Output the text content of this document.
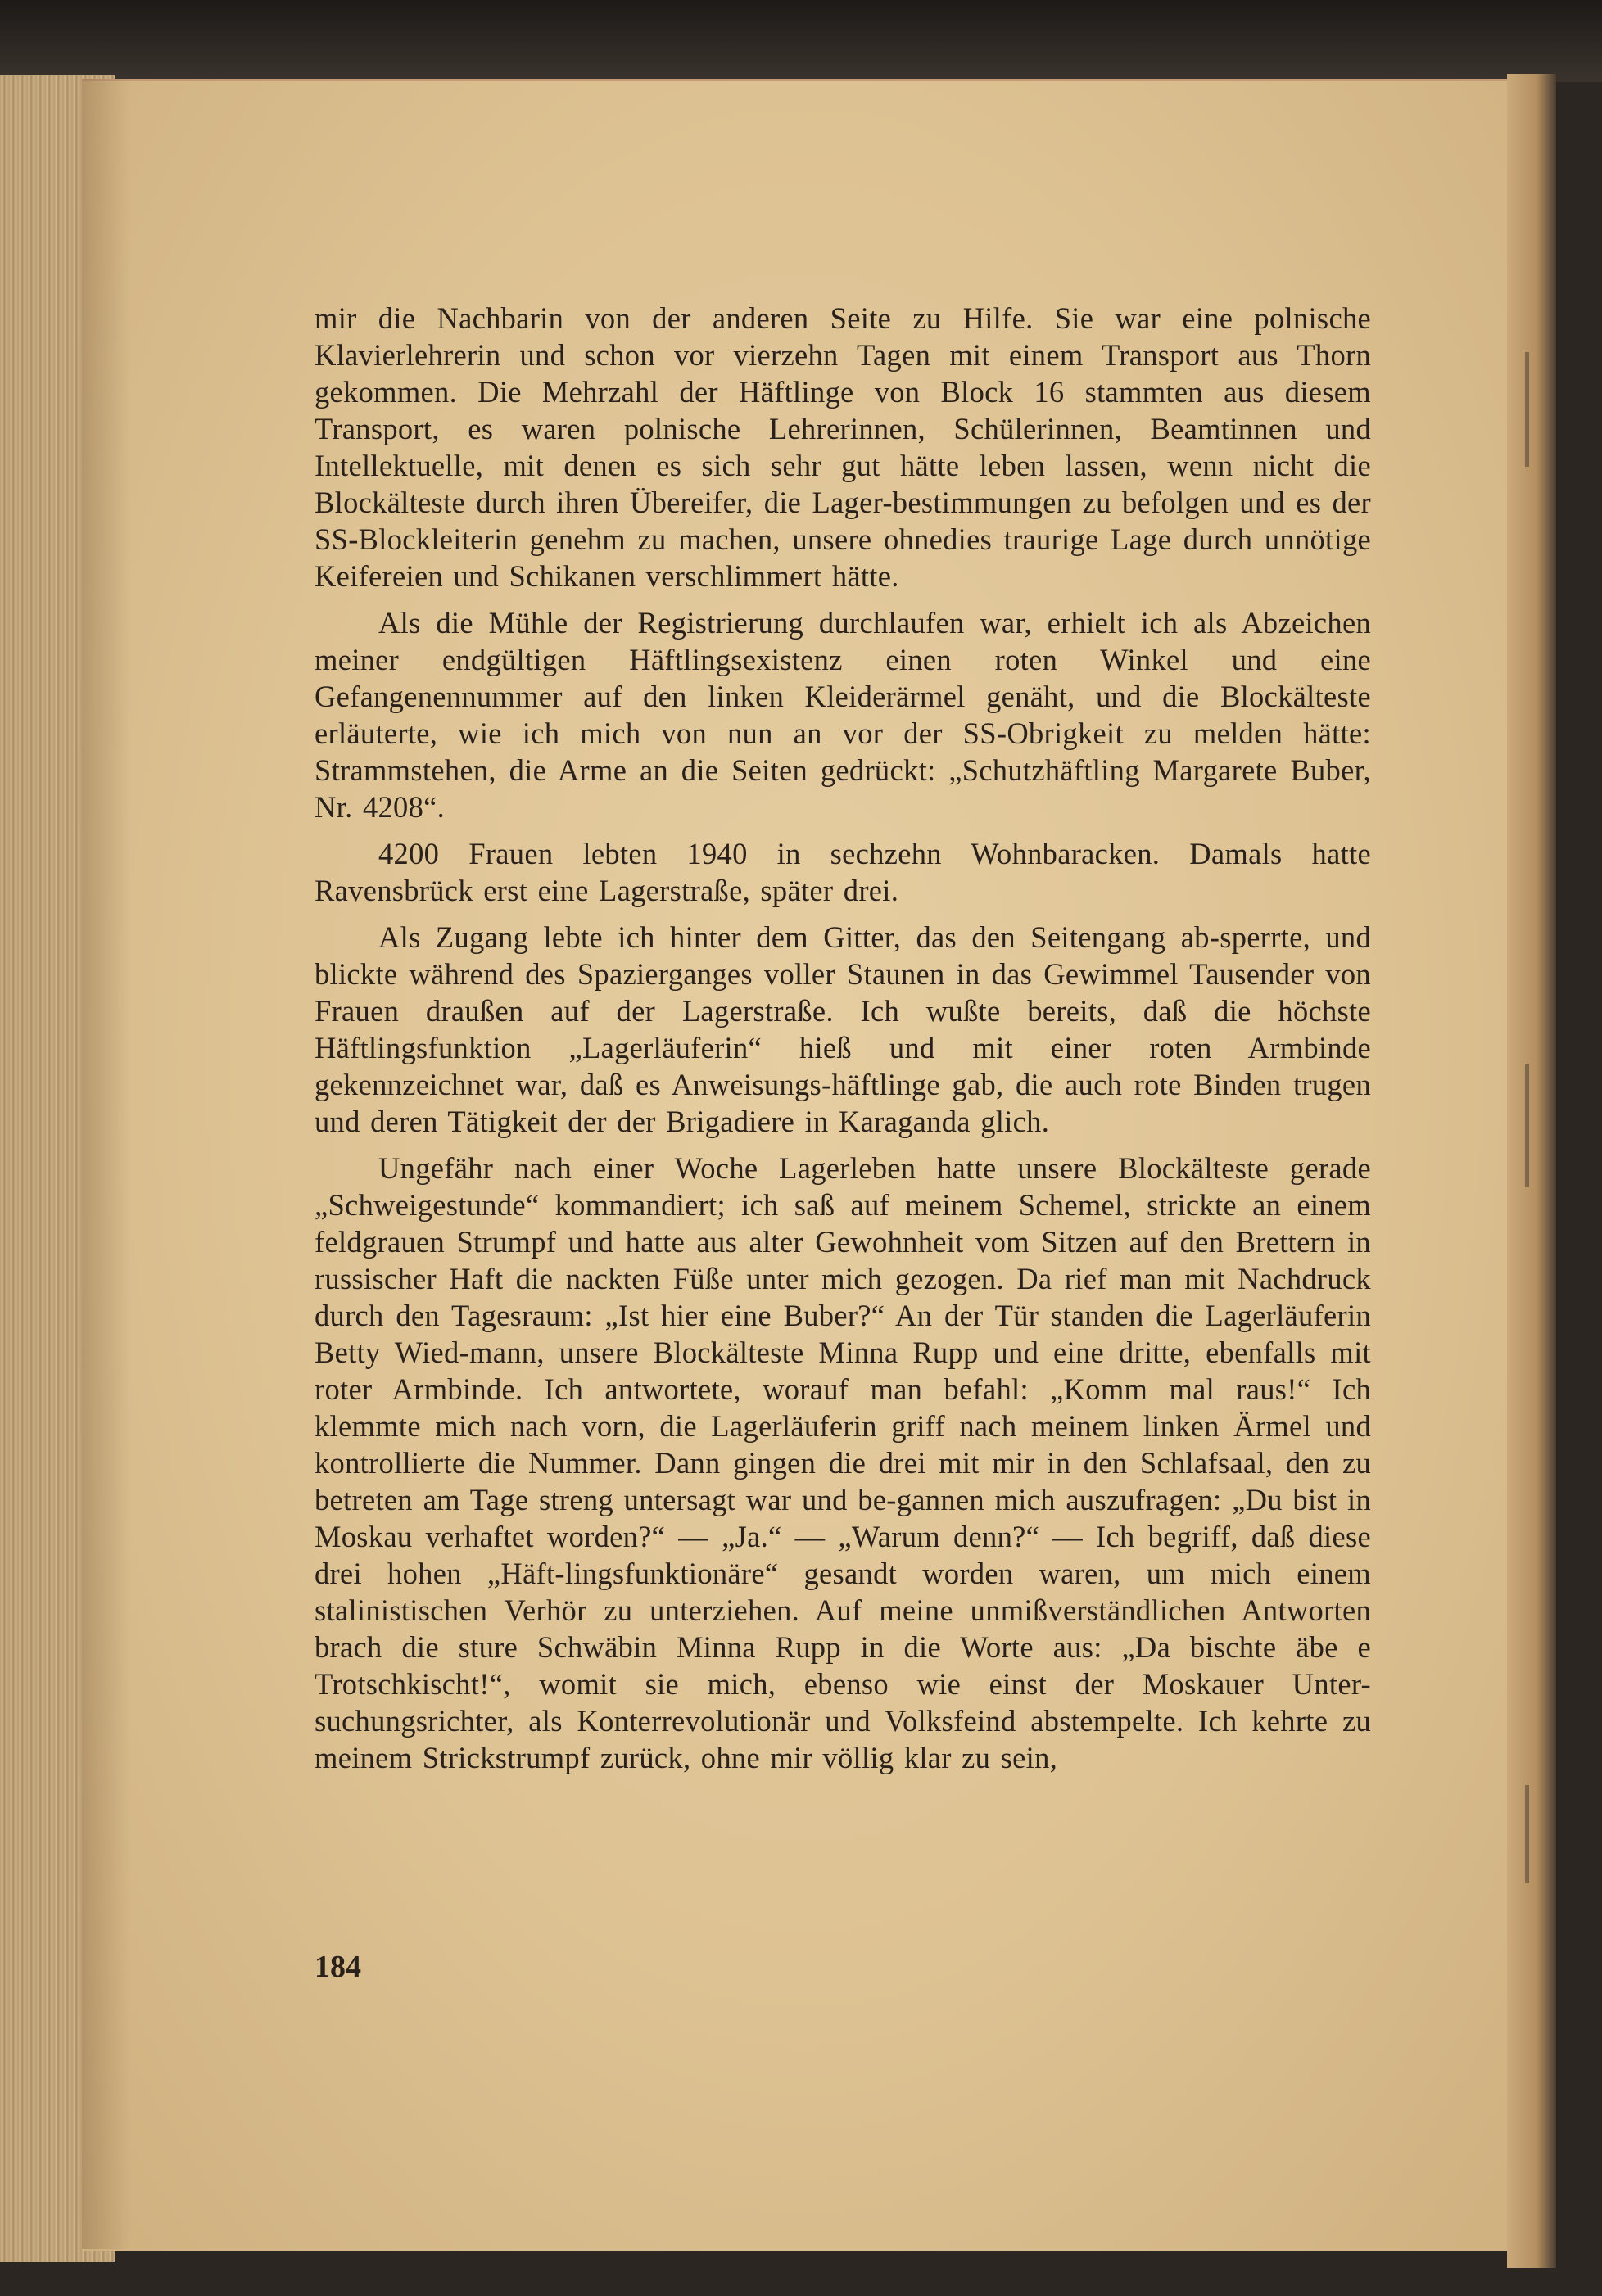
mir die Nachbarin von der anderen Seite zu Hilfe. Sie war eine polnische Klavierlehrerin und schon vor vierzehn Tagen mit einem Transport aus Thorn gekommen. Die Mehrzahl der Häftlinge von Block 16 stammten aus diesem Transport, es waren polnische Lehrerinnen, Schülerinnen, Beamtinnen und Intellektuelle, mit denen es sich sehr gut hätte leben lassen, wenn nicht die Blockälteste durch ihren Übereifer, die Lager-bestimmungen zu befolgen und es der SS-Blockleiterin genehm zu machen, unsere ohnedies traurige Lage durch unnötige Keifereien und Schikanen verschlimmert hätte.

Als die Mühle der Registrierung durchlaufen war, erhielt ich als Abzeichen meiner endgültigen Häftlingsexistenz einen roten Winkel und eine Gefangenennummer auf den linken Kleiderärmel genäht, und die Blockälteste erläuterte, wie ich mich von nun an vor der SS-Obrigkeit zu melden hätte: Strammstehen, die Arme an die Seiten gedrückt: „Schutzhäftling Margarete Buber, Nr. 4208“.

4200 Frauen lebten 1940 in sechzehn Wohnbaracken. Damals hatte Ravensbrück erst eine Lagerstraße, später drei.

Als Zugang lebte ich hinter dem Gitter, das den Seitengang ab-sperrte, und blickte während des Spazierganges voller Staunen in das Gewimmel Tausender von Frauen draußen auf der Lagerstraße. Ich wußte bereits, daß die höchste Häftlingsfunktion „Lagerläuferin“ hieß und mit einer roten Armbinde gekennzeichnet war, daß es Anweisungs-häftlinge gab, die auch rote Binden trugen und deren Tätigkeit der der Brigadiere in Karaganda glich.

Ungefähr nach einer Woche Lagerleben hatte unsere Blockälteste gerade „Schweigestunde“ kommandiert; ich saß auf meinem Schemel, strickte an einem feldgrauen Strumpf und hatte aus alter Gewohnheit vom Sitzen auf den Brettern in russischer Haft die nackten Füße unter mich gezogen. Da rief man mit Nachdruck durch den Tagesraum: „Ist hier eine Buber?“ An der Tür standen die Lagerläuferin Betty Wied-mann, unsere Blockälteste Minna Rupp und eine dritte, ebenfalls mit roter Armbinde. Ich antwortete, worauf man befahl: „Komm mal raus!“ Ich klemmte mich nach vorn, die Lagerläuferin griff nach meinem linken Ärmel und kontrollierte die Nummer. Dann gingen die drei mit mir in den Schlafsaal, den zu betreten am Tage streng untersagt war und be-gannen mich auszufragen: „Du bist in Moskau verhaftet worden?“ — „Ja.“ — „Warum denn?“ — Ich begriff, daß diese drei hohen „Häft-lingsfunktionäre“ gesandt worden waren, um mich einem stalinistischen Verhör zu unterziehen. Auf meine unmißverständlichen Antworten brach die sture Schwäbin Minna Rupp in die Worte aus: „Da bischte äbe e Trotschkischt!“, womit sie mich, ebenso wie einst der Moskauer Unter-suchungsrichter, als Konterrevolutionär und Volksfeind abstempelte. Ich kehrte zu meinem Strickstrumpf zurück, ohne mir völlig klar zu sein,

184
